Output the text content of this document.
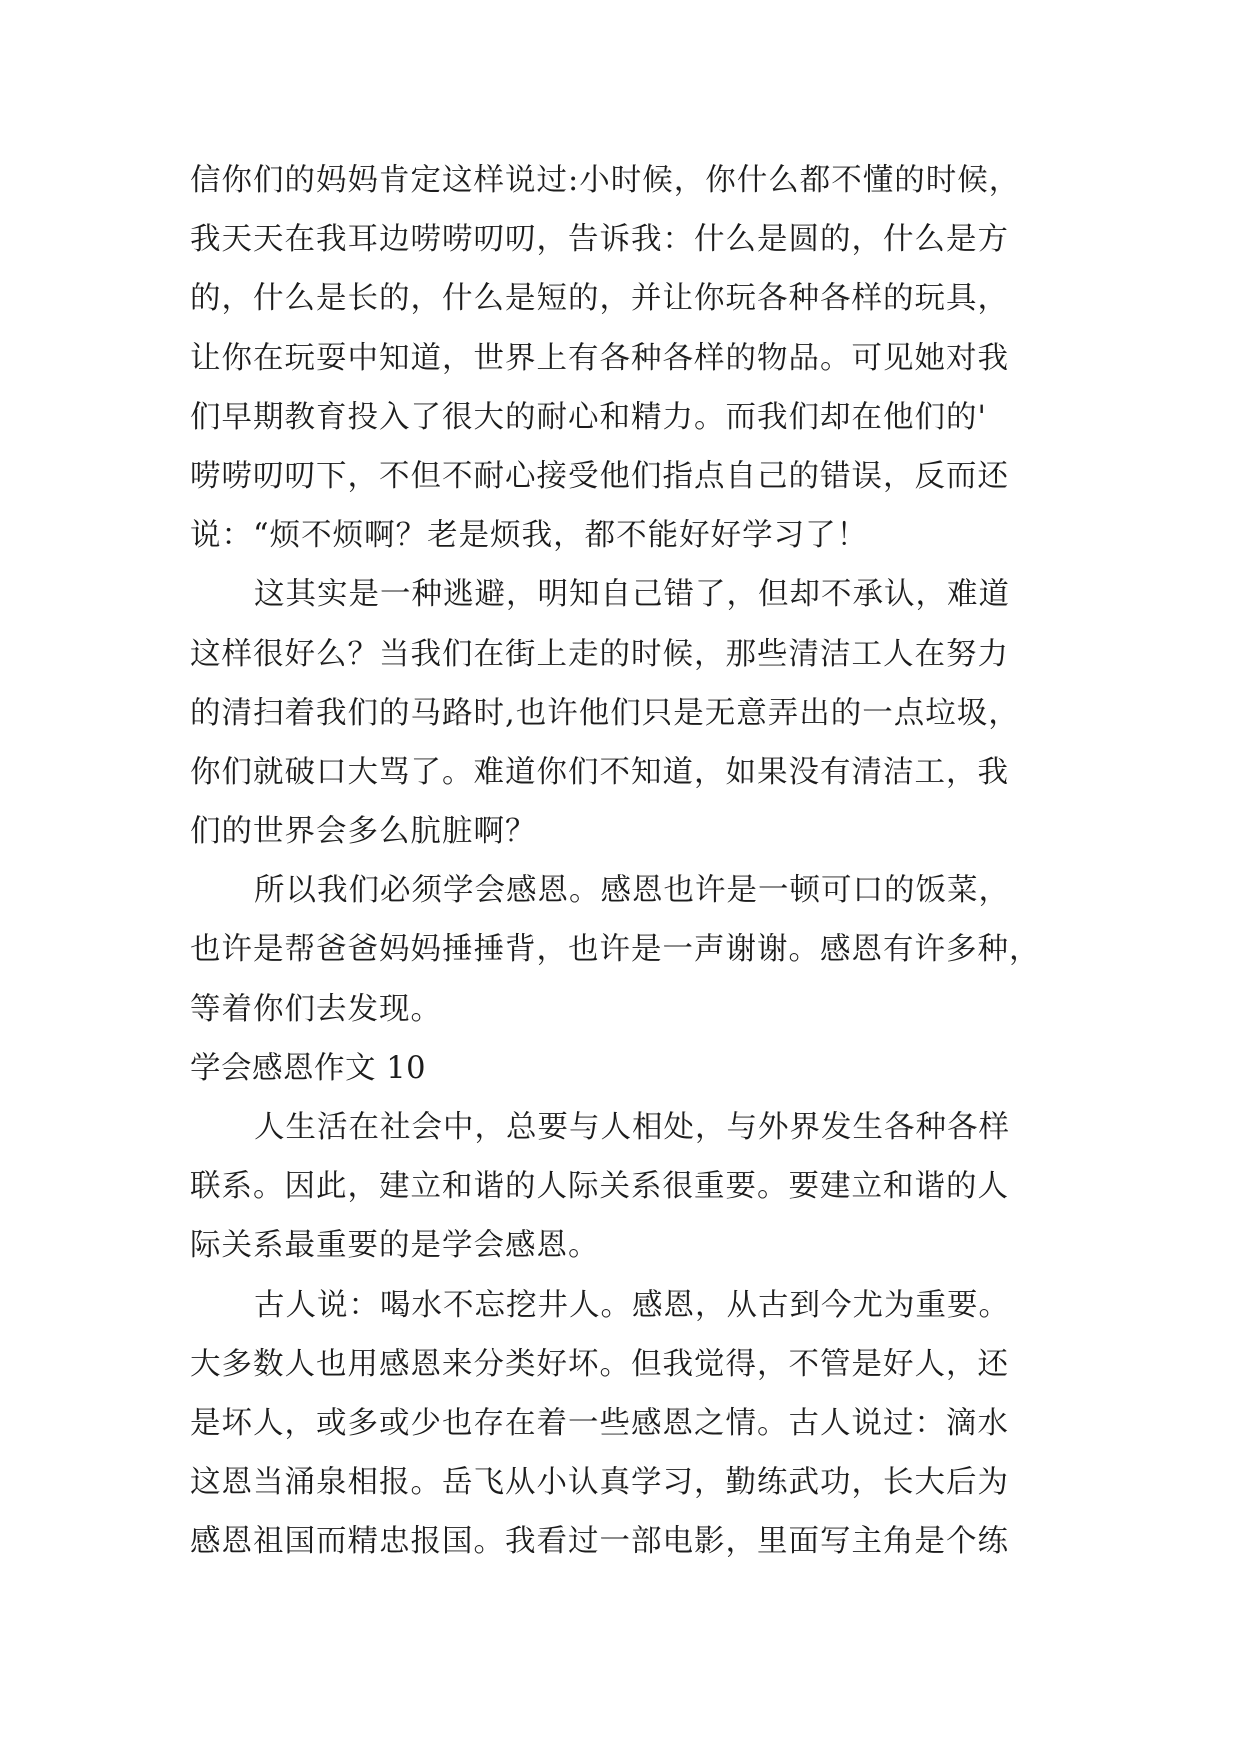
信你们的妈妈肯定这样说过:小时候，你什么都不懂的时候，
我天天在我耳边唠唠叨叨，告诉我：什么是圆的，什么是方
的，什么是长的，什么是短的，并让你玩各种各样的玩具，
让你在玩耍中知道，世界上有各种各样的物品。可见她对我
们早期教育投入了很大的耐心和精力。而我们却在他们的'
唠唠叨叨下，不但不耐心接受他们指点自己的错误，反而还
说：“烦不烦啊？老是烦我，都不能好好学习了！
这其实是一种逃避，明知自己错了，但却不承认，难道
这样很好么？当我们在街上走的时候，那些清洁工人在努力
的清扫着我们的马路时,也许他们只是无意弄出的一点垃圾，
你们就破口大骂了。难道你们不知道，如果没有清洁工，我
们的世界会多么肮脏啊？
所以我们必须学会感恩。感恩也许是一顿可口的饭菜，
也许是帮爸爸妈妈捶捶背，也许是一声谢谢。感恩有许多种，
等着你们去发现。
学会感恩作文 10
人生活在社会中，总要与人相处，与外界发生各种各样
联系。因此，建立和谐的人际关系很重要。要建立和谐的人
际关系最重要的是学会感恩。
古人说：喝水不忘挖井人。感恩，从古到今尤为重要。
大多数人也用感恩来分类好坏。但我觉得，不管是好人，还
是坏人，或多或少也存在着一些感恩之情。古人说过：滴水
这恩当涌泉相报。岳飞从小认真学习，勤练武功，长大后为
感恩祖国而精忠报国。我看过一部电影，里面写主角是个练
